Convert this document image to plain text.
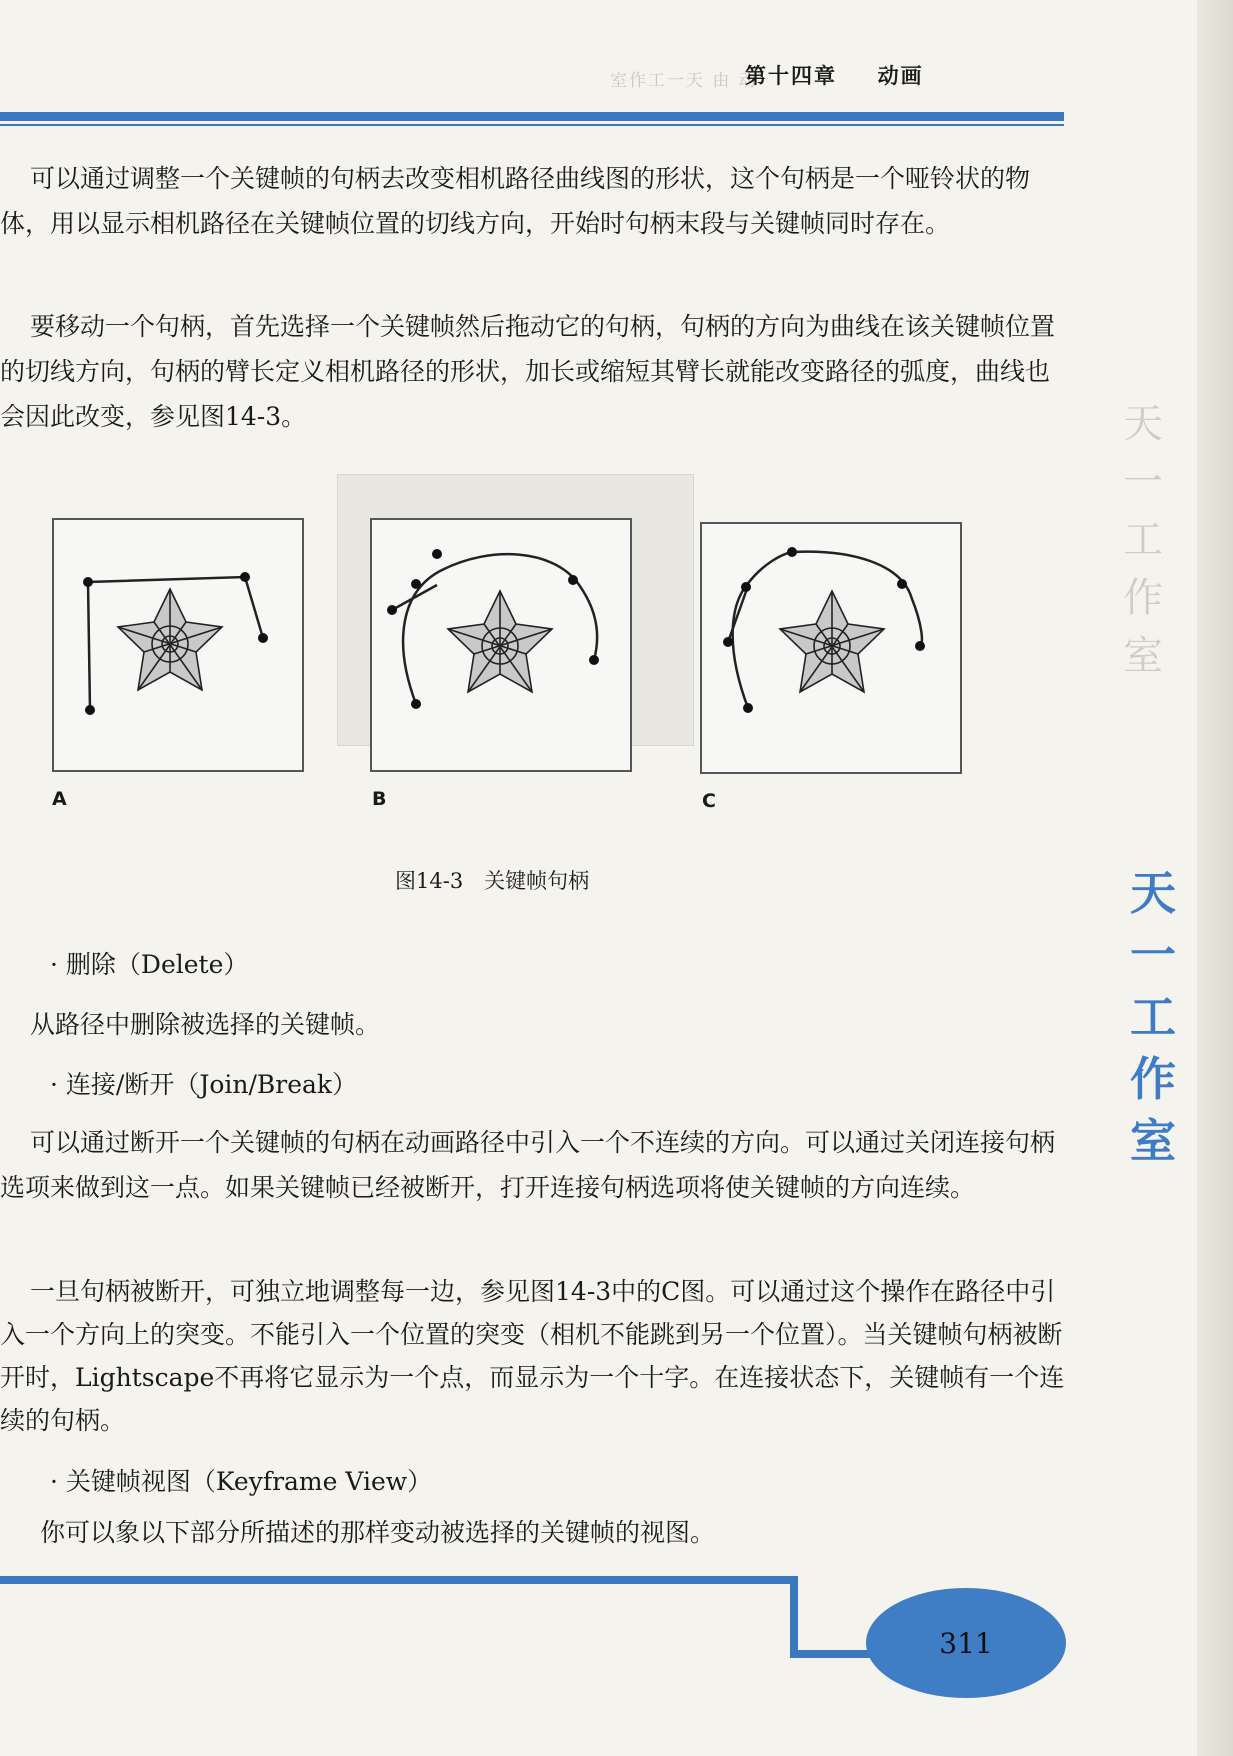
室作工一天 由 动
第十四章 动画

可以通过调整一个关键帧的句柄去改变相机路径曲线图的形状，这个句柄是一个哑铃状的物体，用以显示相机路径在关键帧位置的切线方向，开始时句柄末段与关键帧同时存在。

要移动一个句柄，首先选择一个关键帧然后拖动它的句柄，句柄的方向为曲线在该关键帧位置的切线方向，句柄的臂长定义相机路径的形状，加长或缩短其臂长就能改变路径的弧度，曲线也会因此改变，参见图14-3。

A	B	C
图14-3　关键帧句柄
· 删除（Delete）
从路径中删除被选择的关键帧。
· 连接/断开（Join/Break）

可以通过断开一个关键帧的句柄在动画路径中引入一个不连续的方向。可以通过关闭连接句柄选项来做到这一点。如果关键帧已经被断开，打开连接句柄选项将使关键帧的方向连续。

一旦句柄被断开，可独立地调整每一边，参见图14-3中的C图。可以通过这个操作在路径中引入一个方向上的突变。不能引入一个位置的突变（相机不能跳到另一个位置）。当关键帧句柄被断开时，Lightscape不再将它显示为一个点，而显示为一个十字。在连接状态下，关键帧有一个连续的句柄。

· 关键帧视图（Keyframe View）

你可以象以下部分所描述的那样变动被选择的关键帧的视图。

天
一
工
作
室
天
一
工
作
室
311
